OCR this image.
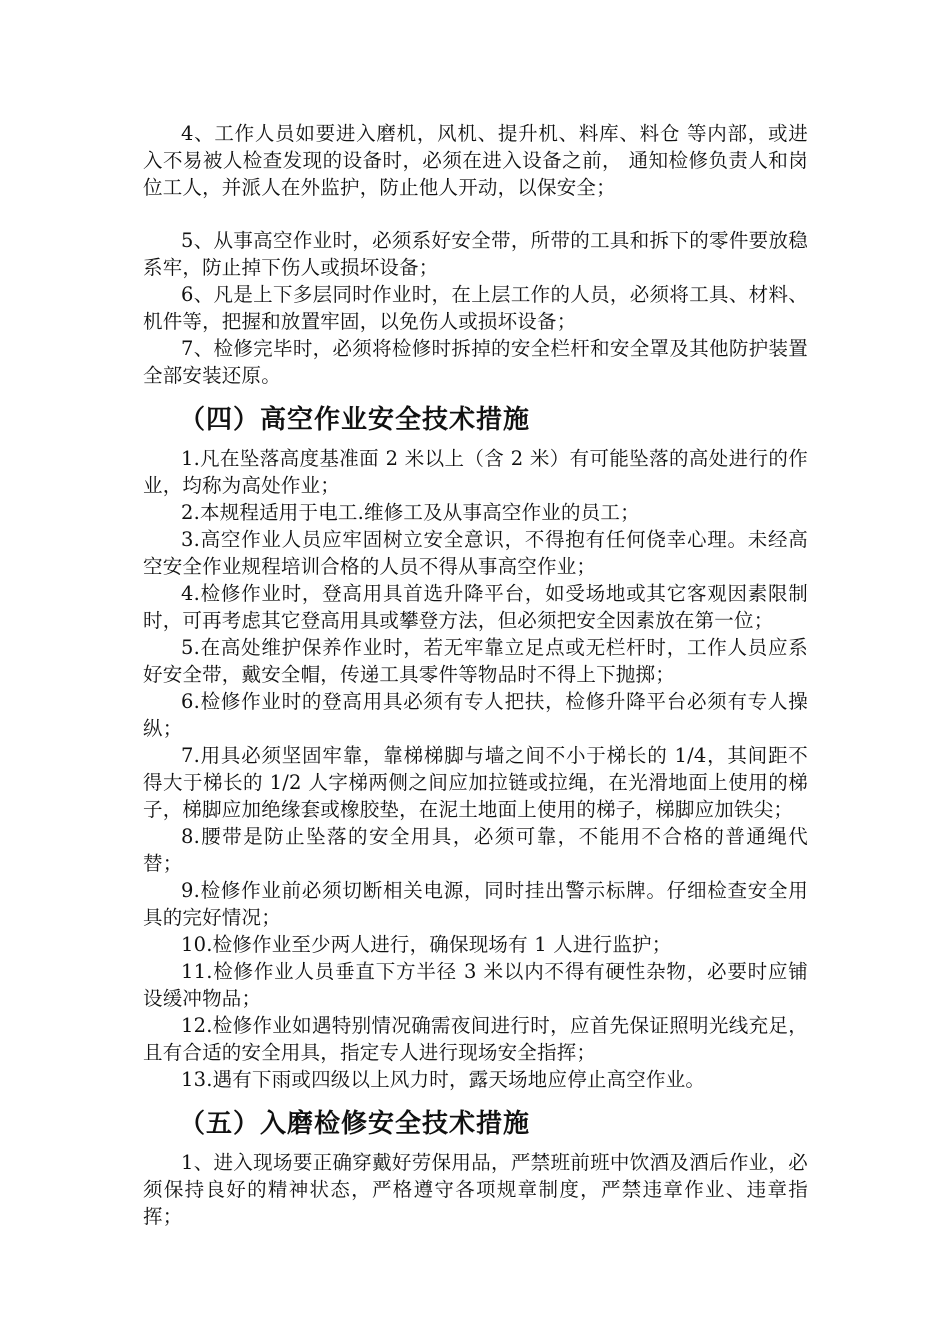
4、工作人员如要进入磨机，风机、提升机、料库、料仓 等内部，或进入不易被人检查发现的设备时，必须在进入设备之前， 通知检修负责人和岗位工人，并派人在外监护，防止他人开动，以保安全；

5、从事高空作业时，必须系好安全带，所带的工具和拆下的零件要放稳系牢，防止掉下伤人或损坏设备；

6、凡是上下多层同时作业时，在上层工作的人员，必须将工具、材料、机件等，把握和放置牢固，以免伤人或损坏设备；

7、检修完毕时，必须将检修时拆掉的安全栏杆和安全罩及其他防护装置全部安装还原。

（四）高空作业安全技术措施

1.凡在坠落高度基准面 2 米以上（含 2 米）有可能坠落的高处进行的作业，均称为高处作业；

2.本规程适用于电工.维修工及从事高空作业的员工；

3.高空作业人员应牢固树立安全意识，不得抱有任何侥幸心理。未经高空安全作业规程培训合格的人员不得从事高空作业；

4.检修作业时，登高用具首选升降平台，如受场地或其它客观因素限制时，可再考虑其它登高用具或攀登方法，但必须把安全因素放在第一位；

5.在高处维护保养作业时，若无牢靠立足点或无栏杆时，工作人员应系好安全带，戴安全帽，传递工具零件等物品时不得上下抛掷；

6.检修作业时的登高用具必须有专人把扶，检修升降平台必须有专人操纵；

7.用具必须坚固牢靠，靠梯梯脚与墙之间不小于梯长的 1/4，其间距不得大于梯长的 1/2 人字梯两侧之间应加拉链或拉绳，在光滑地面上使用的梯子，梯脚应加绝缘套或橡胶垫，在泥土地面上使用的梯子，梯脚应加铁尖；

8.腰带是防止坠落的安全用具，必须可靠，不能用不合格的普通绳代替；

9.检修作业前必须切断相关电源，同时挂出警示标牌。仔细检查安全用具的完好情况；

10.检修作业至少两人进行，确保现场有 1 人进行监护；

11.检修作业人员垂直下方半径 3 米以内不得有硬性杂物，必要时应铺设缓冲物品；

12.检修作业如遇特别情况确需夜间进行时，应首先保证照明光线充足，且有合适的安全用具，指定专人进行现场安全指挥；

13.遇有下雨或四级以上风力时，露天场地应停止高空作业。

（五）入磨检修安全技术措施

1、进入现场要正确穿戴好劳保用品，严禁班前班中饮酒及酒后作业，必须保持良好的精神状态，严格遵守各项规章制度，严禁违章作业、违章指挥；
